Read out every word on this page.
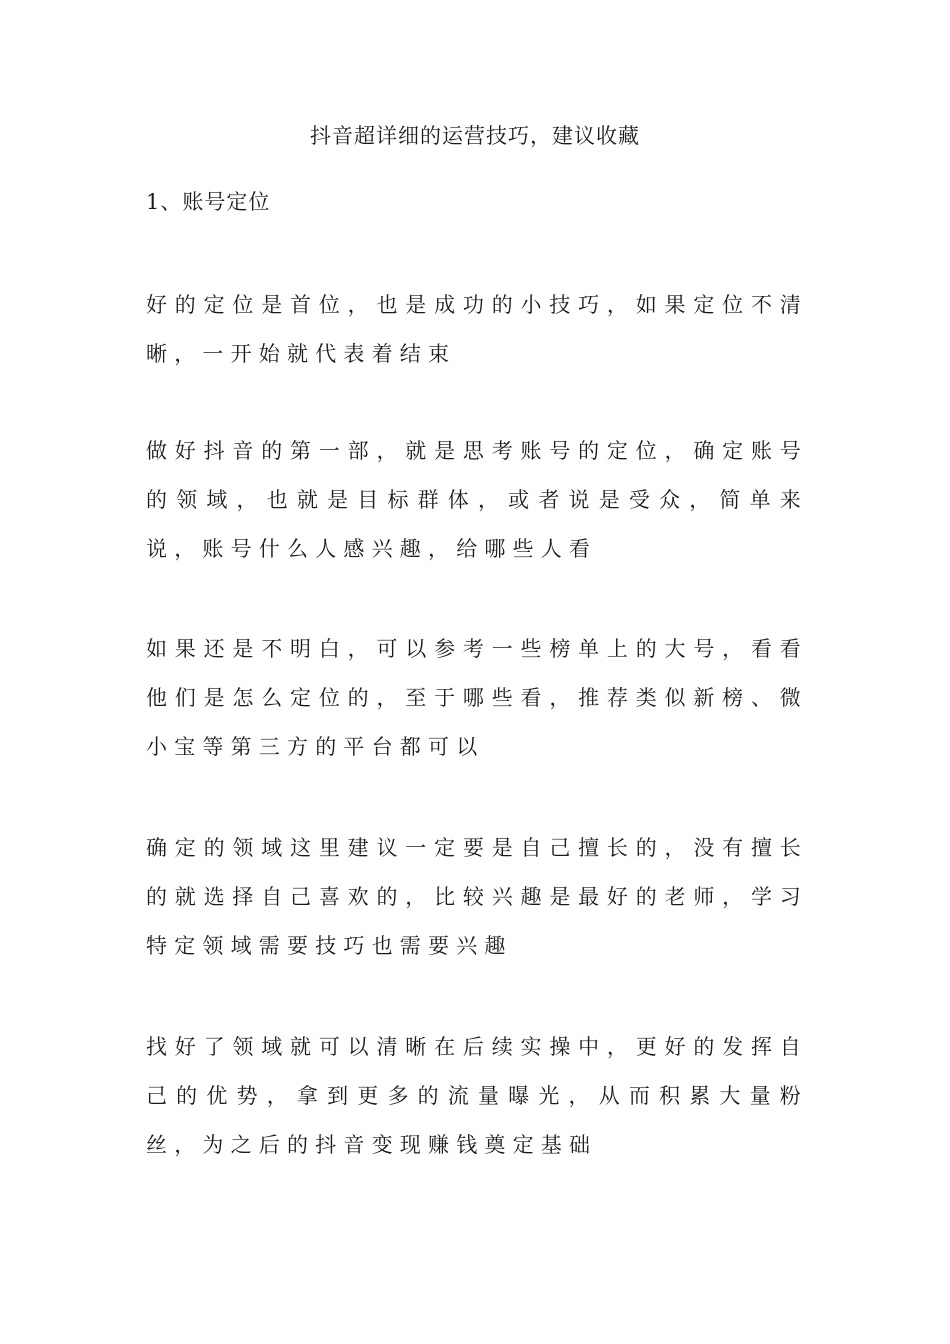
抖音超详细的运营技巧，建议收藏
1、账号定位

好的定位是首位，也是成功的小技巧，如果定位不清晰，一开始就代表着结束

做好抖音的第一部，就是思考账号的定位，确定账号的领域，也就是目标群体，或者说是受众，简单来说，账号什么人感兴趣，给哪些人看

如果还是不明白，可以参考一些榜单上的大号，看看他们是怎么定位的，至于哪些看，推荐类似新榜、微小宝等第三方的平台都可以

确定的领域这里建议一定要是自己擅长的，没有擅长的就选择自己喜欢的，比较兴趣是最好的老师，学习特定领域需要技巧也需要兴趣

找好了领域就可以清晰在后续实操中，更好的发挥自己的优势，拿到更多的流量曝光，从而积累大量粉丝，为之后的抖音变现赚钱奠定基础
